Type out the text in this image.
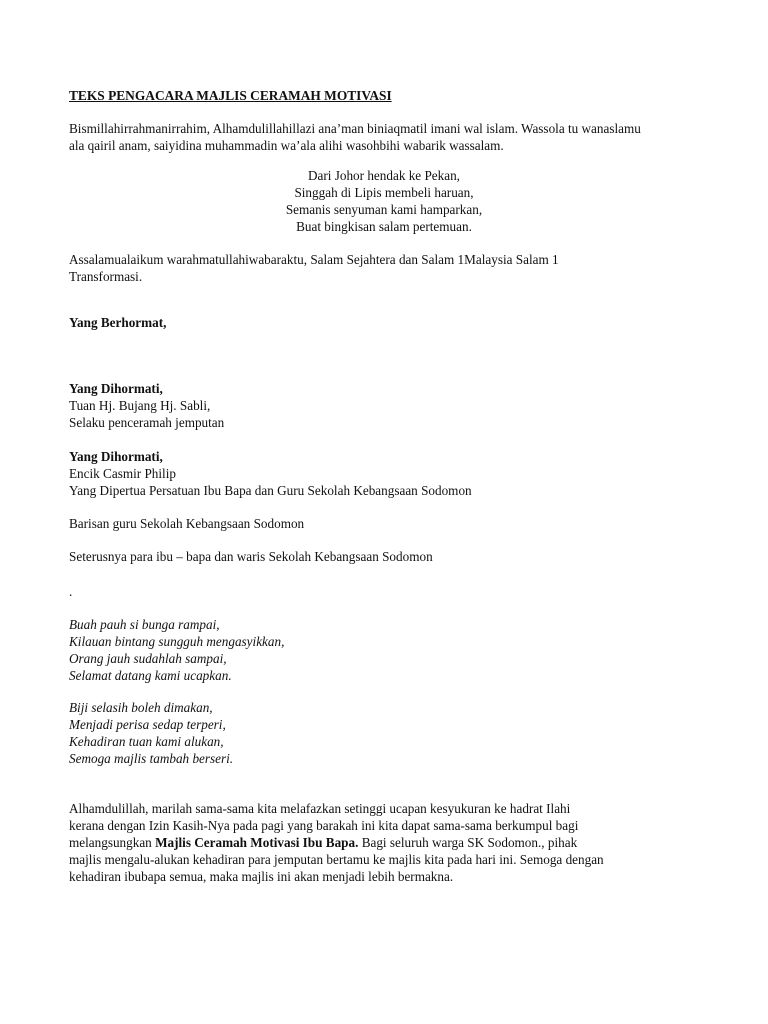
TEKS PENGACARA MAJLIS CERAMAH MOTIVASI
Bismillahirrahmanirrahim, Alhamdulillahillazi ana’man biniaqmatil imani wal islam. Wassola tu wanaslamu
ala qairil anam, saiyidina muhammadin wa’ala alihi wasohbihi wabarik wassalam.
Dari Johor hendak ke Pekan,
Singgah di Lipis membeli haruan,
Semanis senyuman kami hamparkan,
Buat bingkisan salam pertemuan.
Assalamualaikum warahmatullahiwabaraktu, Salam Sejahtera dan Salam 1Malaysia Salam 1
Transformasi.
Yang Berhormat,
Yang Dihormati,
Tuan Hj. Bujang Hj. Sabli,
Selaku penceramah jemputan
Yang Dihormati,
Encik Casmir Philip
Yang Dipertua Persatuan Ibu Bapa dan Guru Sekolah Kebangsaan Sodomon
Barisan guru Sekolah Kebangsaan Sodomon
Seterusnya para ibu – bapa dan waris Sekolah Kebangsaan Sodomon
.
Buah pauh si bunga rampai,
Kilauan bintang sungguh mengasyikkan,
Orang jauh sudahlah sampai,
Selamat datang kami ucapkan.
Biji selasih boleh dimakan,
Menjadi perisa sedap terperi,
Kehadiran tuan kami alukan,
Semoga majlis tambah berseri.
Alhamdulillah, marilah sama-sama kita melafazkan setinggi ucapan kesyukuran ke hadrat Ilahi
kerana dengan Izin Kasih-Nya pada pagi yang barakah ini kita dapat sama-sama berkumpul bagi
melangsungkan Majlis Ceramah Motivasi Ibu Bapa. Bagi seluruh warga SK Sodomon., pihak
majlis mengalu-alukan kehadiran para jemputan bertamu ke majlis kita pada hari ini. Semoga dengan
kehadiran ibubapa semua, maka majlis ini akan menjadi lebih bermakna.
